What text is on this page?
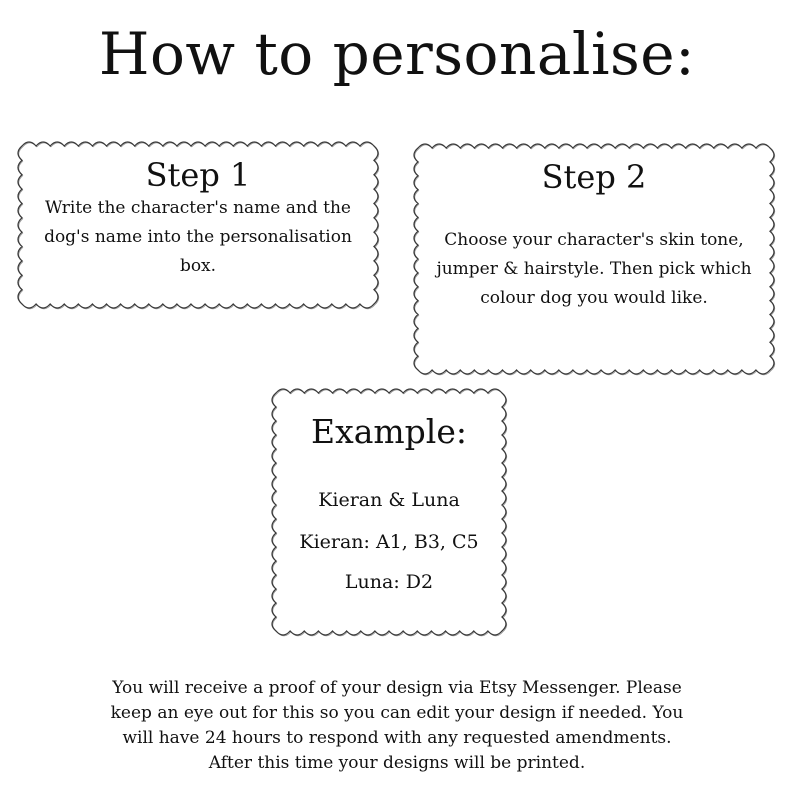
How to personalise:
Step 1
Write the character's name and the dog's name into the personalisation box.
Step 2
Choose your character's skin tone, jumper & hairstyle. Then pick which colour dog you would like.
Example:
Kieran & Luna
Kieran: A1, B3, C5
Luna: D2
You will receive a proof of your design via Etsy Messenger. Please
keep an eye out for this so you can edit your design if needed. You
will have 24 hours to respond with any requested amendments.
After this time your designs will be printed.
